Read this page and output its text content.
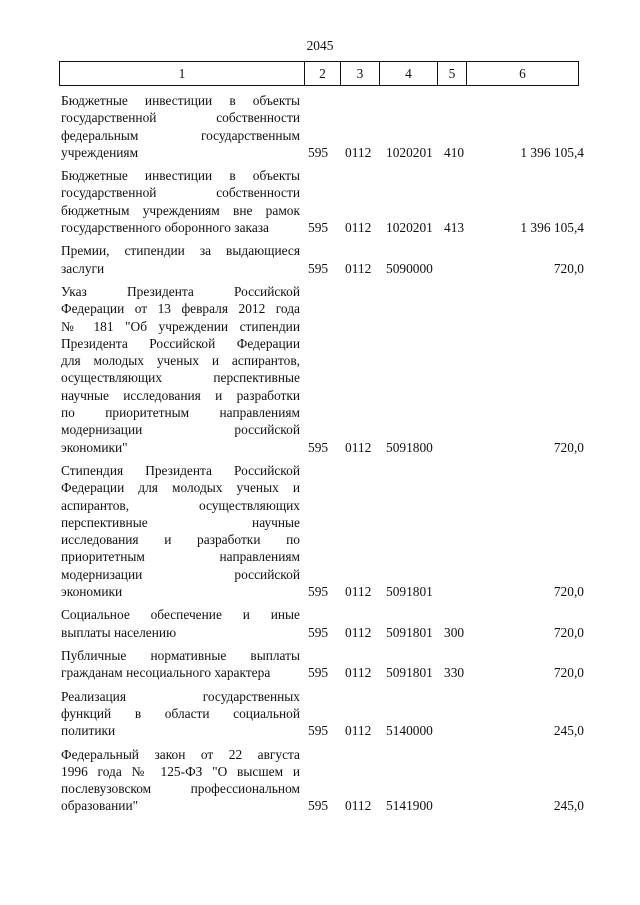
2045
1	2	3	4	5	6
Бюджетные инвестиции в объекты
государственной собственности
федеральным государственным
учреждениям	595 0112 1020201 410	1 396 105,4
Бюджетные инвестиции в объекты
государственной собственности
бюджетным учреждениям вне рамок
государственного оборонного заказа	595 0112 1020201 413	1 396 105,4
Премии, стипендии за выдающиеся
заслуги	595 0112 5090000	720,0
Указ Президента Российской
Федерации от 13 февраля 2012 года
№ 181 "Об учреждении стипендии
Президента Российской Федерации
для молодых ученых и аспирантов,
осуществляющих перспективные
научные исследования и разработки
по приоритетным направлениям
модернизации российской
экономики"	595 0112 5091800	720,0
Стипендия Президента Российской
Федерации для молодых ученых и
аспирантов, осуществляющих
перспективные научные
исследования и разработки по
приоритетным направлениям
модернизации российской
экономики	595 0112 5091801	720,0
Социальное обеспечение и иные
выплаты населению	595 0112 5091801 300	720,0
Публичные нормативные выплаты
гражданам несоциального характера	595 0112 5091801 330	720,0
Реализация государственных
функций в области социальной
политики	595 0112 5140000	245,0
Федеральный закон от 22 августа
1996 года № 125-ФЗ "О высшем и
послевузовском профессиональном
образовании"	595 0112 5141900	245,0
